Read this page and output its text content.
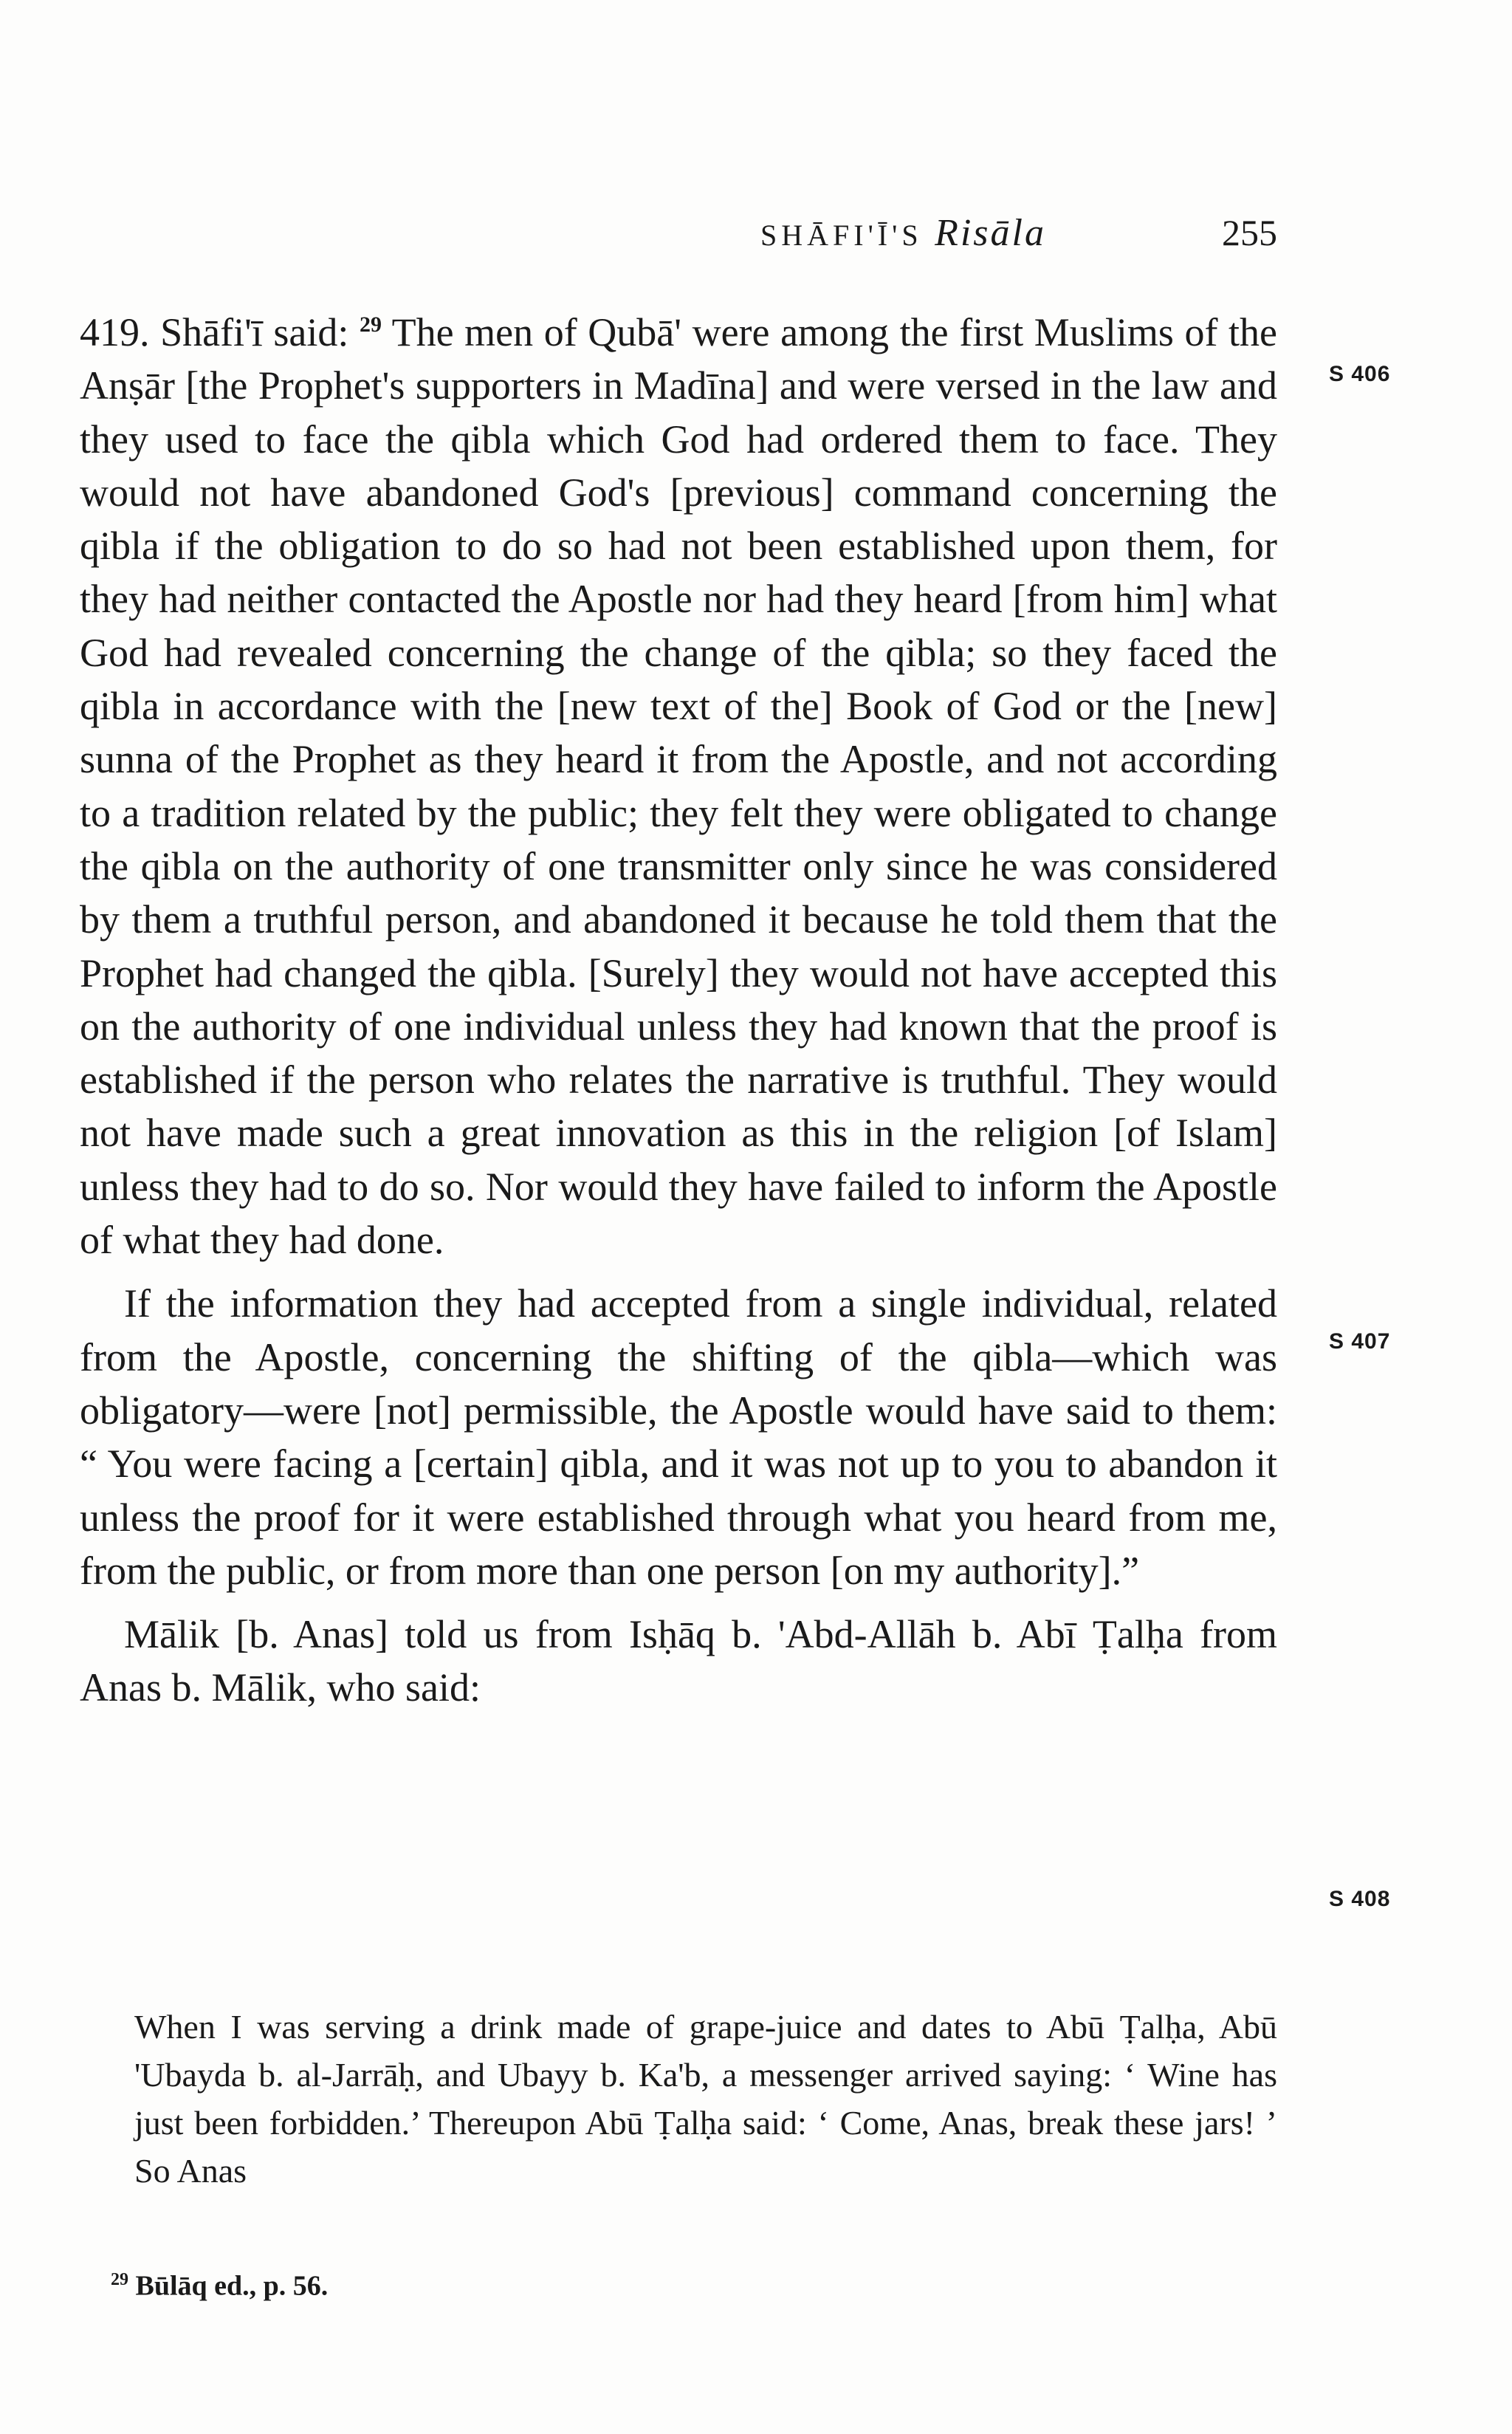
SHĀFI'Ī'S Risāla	255

419. Shāfi'ī said: $^{29}$ The men of Qubā' were among the first Muslims of the Anṣār [the Prophet's supporters in Madīna] and were versed in the law and they used to face the qibla which God had ordered them to face. They would not have abandoned God's [previous] command concerning the qibla if the obligation to do so had not been established upon them, for they had neither contacted the Apostle nor had they heard [from him] what God had revealed concerning the change of the qibla; so they faced the qibla in accordance with the [new text of the] Book of God or the [new] sunna of the Prophet as they heard it from the Apostle, and not according to a tradition related by the public; they felt they were obligated to change the qibla on the authority of one transmitter only since he was considered by them a truthful person, and abandoned it because he told them that the Prophet had changed the qibla. [Surely] they would not have accepted this on the authority of one individual unless they had known that the proof is established if the person who relates the narrative is truthful. They would not have made such a great innovation as this in the religion [of Islam] unless they had to do so. Nor would they have failed to inform the Apostle of what they had done.

If the information they had accepted from a single individual, related from the Apostle, concerning the shifting of the qibla—which was obligatory—were [not] permissible, the Apostle would have said to them: “ You were facing a [certain] qibla, and it was not up to you to abandon it unless the proof for it were established through what you heard from me, from the public, or from more than one person [on my authority].”

Mālik [b. Anas] told us from Isḥāq b. 'Abd-Allāh b. Abī Ṭalḥa from Anas b. Mālik, who said:

S 406
S 407
S 408

When I was serving a drink made of grape-juice and dates to Abū Ṭalḥa, Abū 'Ubayda b. al-Jarrāḥ, and Ubayy b. Ka'b, a messenger arrived saying: ‘ Wine has just been forbidden.’ Thereupon Abū Ṭalḥa said: ‘ Come, Anas, break these jars! ’ So Anas

$^{29}$ Būlāq ed., p. 56.
